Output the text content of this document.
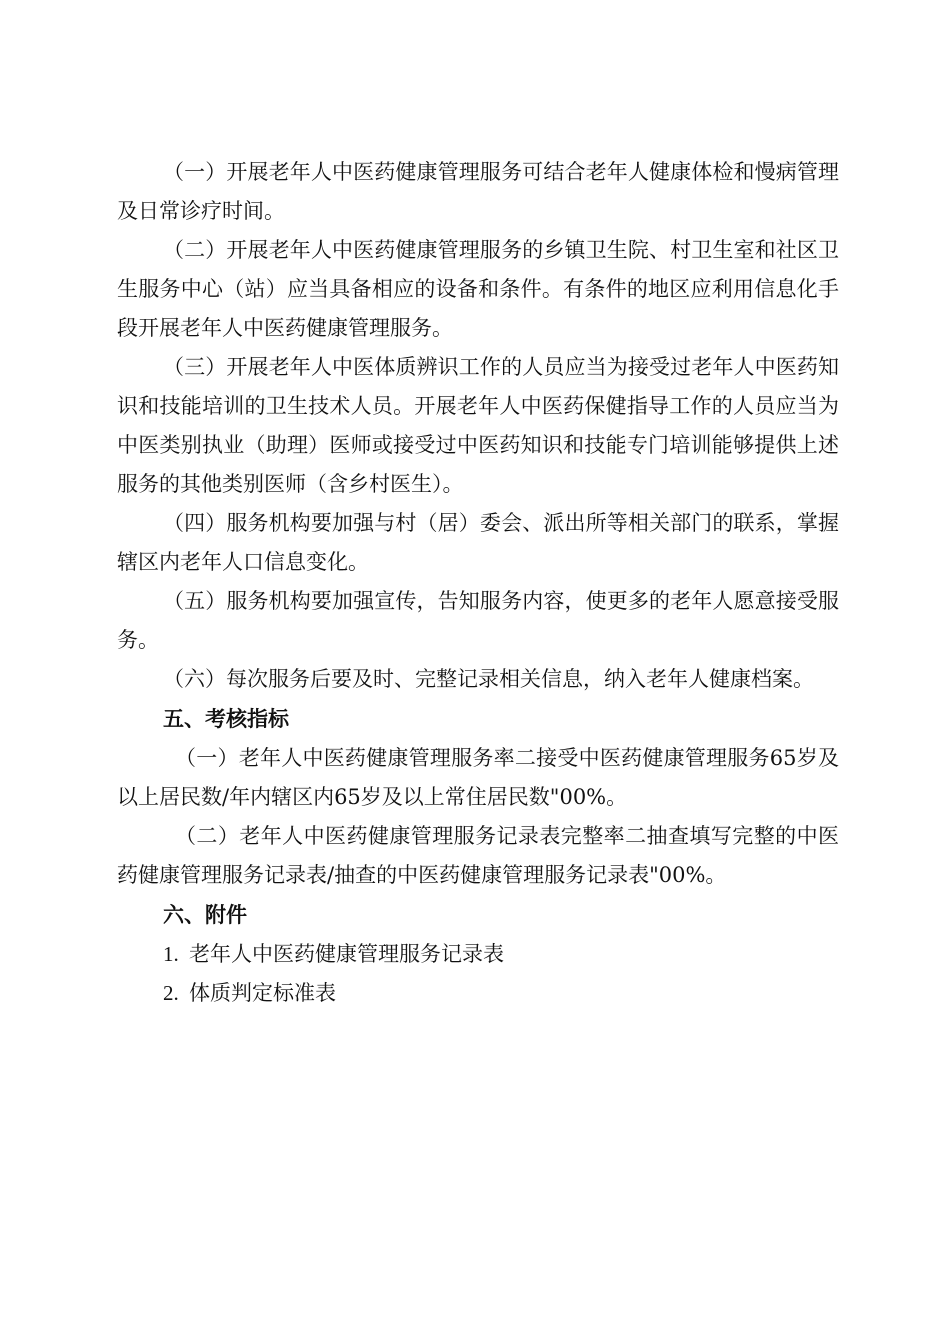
（一）开展老年人中医药健康管理服务可结合老年人健康体检和慢病管理及日常诊疗时间。

（二）开展老年人中医药健康管理服务的乡镇卫生院、村卫生室和社区卫生服务中心（站）应当具备相应的设备和条件。有条件的地区应利用信息化手段开展老年人中医药健康管理服务。

（三）开展老年人中医体质辨识工作的人员应当为接受过老年人中医药知识和技能培训的卫生技术人员。开展老年人中医药保健指导工作的人员应当为中医类别执业（助理）医师或接受过中医药知识和技能专门培训能够提供上述服务的其他类别医师（含乡村医生）。

（四）服务机构要加强与村（居）委会、派出所等相关部门的联系，掌握辖区内老年人口信息变化。

（五）服务机构要加强宣传，告知服务内容，使更多的老年人愿意接受服务。

（六）每次服务后要及时、完整记录相关信息，纳入老年人健康档案。

五、考核指标

（一）老年人中医药健康管理服务率二接受中医药健康管理服务65岁及以上居民数/年内辖区内65岁及以上常住居民数"00%。

（二）老年人中医药健康管理服务记录表完整率二抽查填写完整的中医药健康管理服务记录表/抽查的中医药健康管理服务记录表"00%。

六、附件
1. 老年人中医药健康管理服务记录表
2. 体质判定标准表
